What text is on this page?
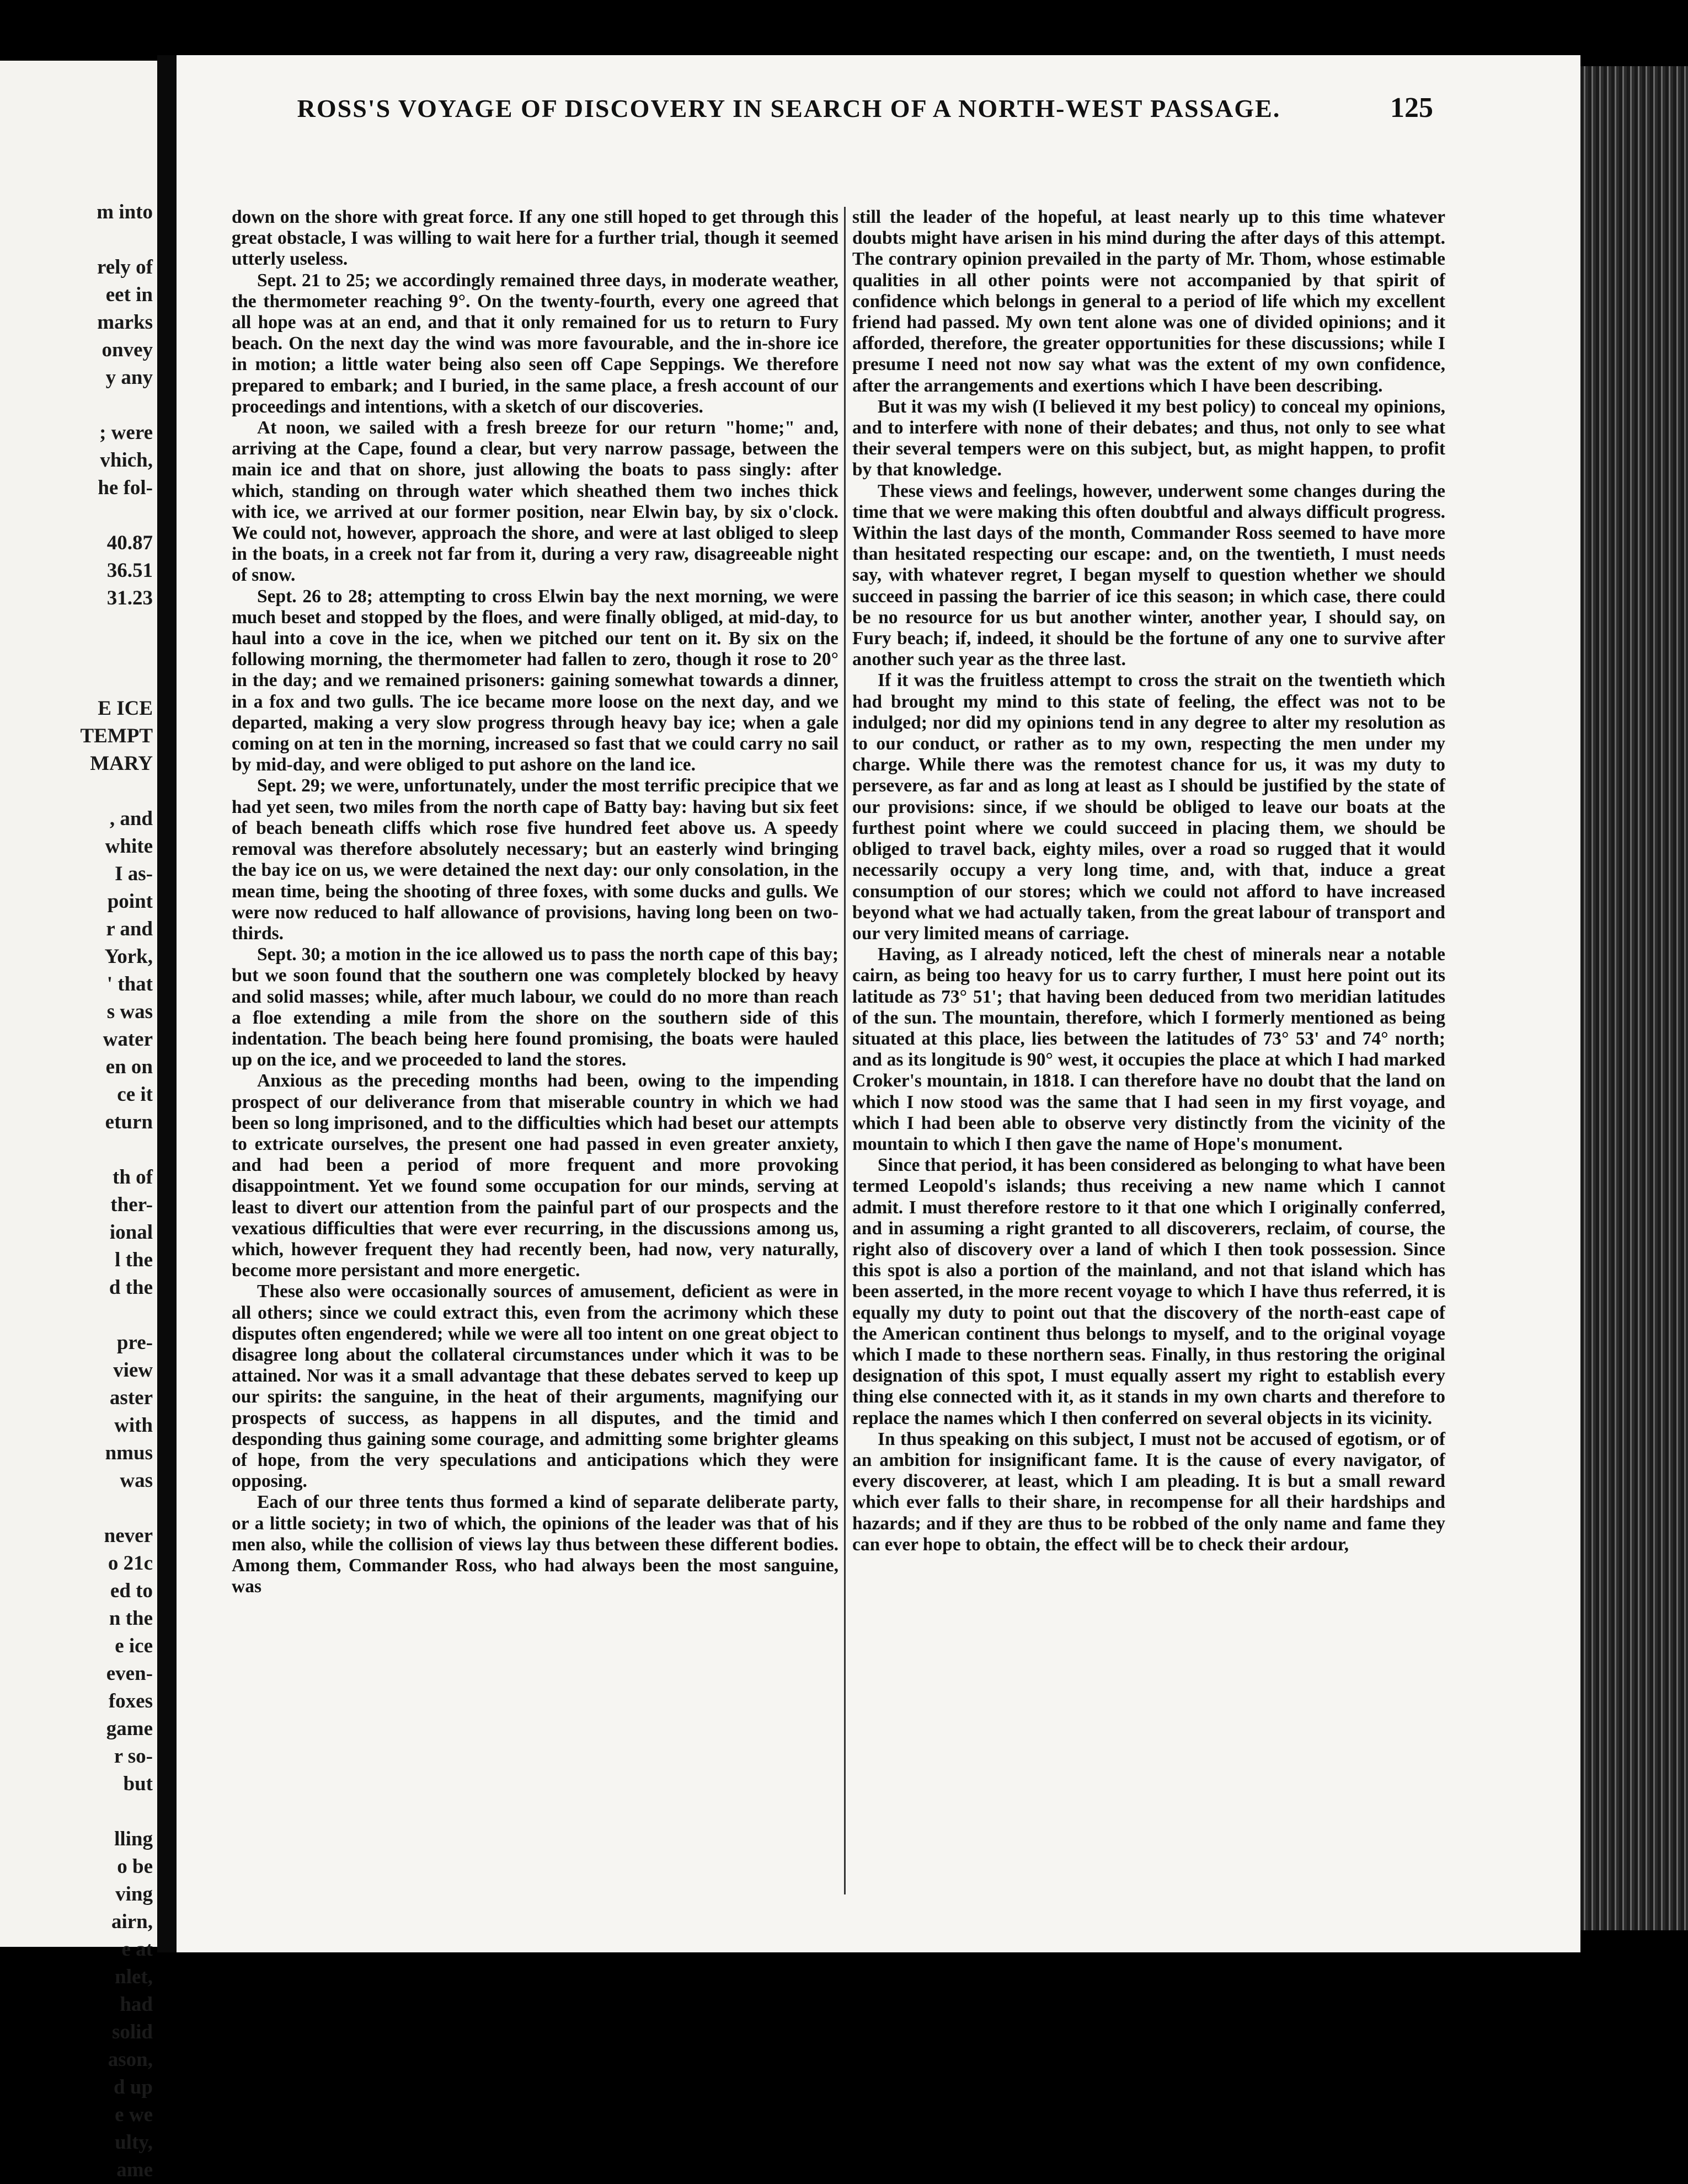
m into

rely of
eet in
marks
onvey
y any

; were
vhich,
he fol-

40.87
36.51
31.23

E ICE
TEMPT
MARY

, and
white
I as-
point
r and
York,
' that
s was
water
en on
ce it
eturn

th of
ther-
ional
l the
d the

pre-
view
aster
with
nmus
was

never
o 21c
ed to
n the
e ice
even-
foxes
game
r so-
but

lling
o be
ving
airn,
e at
nlet,
had
solid
ason,
d up
e we
ulty,
ame
ROSS'S VOYAGE OF DISCOVERY IN SEARCH OF A NORTH-WEST PASSAGE.	125

down on the shore with great force. If any one still hoped to get through this great obstacle, I was willing to wait here for a further trial, though it seemed utterly useless.

Sept. 21 to 25; we accordingly remained three days, in moderate weather, the thermometer reaching 9°. On the twenty-fourth, every one agreed that all hope was at an end, and that it only remained for us to return to Fury beach. On the next day the wind was more favourable, and the in-shore ice in motion; a little water being also seen off Cape Seppings. We therefore prepared to embark; and I buried, in the same place, a fresh account of our proceedings and intentions, with a sketch of our discoveries.

At noon, we sailed with a fresh breeze for our return "home;" and, arriving at the Cape, found a clear, but very narrow passage, between the main ice and that on shore, just allowing the boats to pass singly: after which, standing on through water which sheathed them two inches thick with ice, we arrived at our former position, near Elwin bay, by six o'clock. We could not, however, approach the shore, and were at last obliged to sleep in the boats, in a creek not far from it, during a very raw, disagreeable night of snow.

Sept. 26 to 28; attempting to cross Elwin bay the next morning, we were much beset and stopped by the floes, and were finally obliged, at mid-day, to haul into a cove in the ice, when we pitched our tent on it. By six on the following morning, the thermometer had fallen to zero, though it rose to 20° in the day; and we remained prisoners: gaining somewhat towards a dinner, in a fox and two gulls. The ice became more loose on the next day, and we departed, making a very slow progress through heavy bay ice; when a gale coming on at ten in the morning, increased so fast that we could carry no sail by mid-day, and were obliged to put ashore on the land ice.

Sept. 29; we were, unfortunately, under the most terrific precipice that we had yet seen, two miles from the north cape of Batty bay: having but six feet of beach beneath cliffs which rose five hundred feet above us. A speedy removal was therefore absolutely necessary; but an easterly wind bringing the bay ice on us, we were detained the next day: our only consolation, in the mean time, being the shooting of three foxes, with some ducks and gulls. We were now reduced to half allowance of provisions, having long been on two-thirds.

Sept. 30; a motion in the ice allowed us to pass the north cape of this bay; but we soon found that the southern one was completely blocked by heavy and solid masses; while, after much labour, we could do no more than reach a floe extending a mile from the shore on the southern side of this indentation. The beach being here found promising, the boats were hauled up on the ice, and we proceeded to land the stores.

Anxious as the preceding months had been, owing to the impending prospect of our deliverance from that miserable country in which we had been so long imprisoned, and to the difficulties which had beset our attempts to extricate ourselves, the present one had passed in even greater anxiety, and had been a period of more frequent and more provoking disappointment. Yet we found some occupation for our minds, serving at least to divert our attention from the painful part of our prospects and the vexatious difficulties that were ever recurring, in the discussions among us, which, however frequent they had recently been, had now, very naturally, become more persistant and more energetic.

These also were occasionally sources of amusement, deficient as were in all others; since we could extract this, even from the acrimony which these disputes often engendered; while we were all too intent on one great object to disagree long about the collateral circumstances under which it was to be attained. Nor was it a small advantage that these debates served to keep up our spirits: the sanguine, in the heat of their arguments, magnifying our prospects of success, as happens in all disputes, and the timid and desponding thus gaining some courage, and admitting some brighter gleams of hope, from the very speculations and anticipations which they were opposing.

Each of our three tents thus formed a kind of separate deliberate party, or a little society; in two of which, the opinions of the leader was that of his men also, while the collision of views lay thus between these different bodies. Among them, Commander Ross, who had always been the most sanguine, was

still the leader of the hopeful, at least nearly up to this time whatever doubts might have arisen in his mind during the after days of this attempt. The contrary opinion prevailed in the party of Mr. Thom, whose estimable qualities in all other points were not accompanied by that spirit of confidence which belongs in general to a period of life which my excellent friend had passed. My own tent alone was one of divided opinions; and it afforded, therefore, the greater opportunities for these discussions; while I presume I need not now say what was the extent of my own confidence, after the arrangements and exertions which I have been describing.

But it was my wish (I believed it my best policy) to conceal my opinions, and to interfere with none of their debates; and thus, not only to see what their several tempers were on this subject, but, as might happen, to profit by that knowledge.

These views and feelings, however, underwent some changes during the time that we were making this often doubtful and always difficult progress. Within the last days of the month, Commander Ross seemed to have more than hesitated respecting our escape: and, on the twentieth, I must needs say, with whatever regret, I began myself to question whether we should succeed in passing the barrier of ice this season; in which case, there could be no resource for us but another winter, another year, I should say, on Fury beach; if, indeed, it should be the fortune of any one to survive after another such year as the three last.

If it was the fruitless attempt to cross the strait on the twentieth which had brought my mind to this state of feeling, the effect was not to be indulged; nor did my opinions tend in any degree to alter my resolution as to our conduct, or rather as to my own, respecting the men under my charge. While there was the remotest chance for us, it was my duty to persevere, as far and as long at least as I should be justified by the state of our provisions: since, if we should be obliged to leave our boats at the furthest point where we could succeed in placing them, we should be obliged to travel back, eighty miles, over a road so rugged that it would necessarily occupy a very long time, and, with that, induce a great consumption of our stores; which we could not afford to have increased beyond what we had actually taken, from the great labour of transport and our very limited means of carriage.

Having, as I already noticed, left the chest of minerals near a notable cairn, as being too heavy for us to carry further, I must here point out its latitude as 73° 51'; that having been deduced from two meridian latitudes of the sun. The mountain, therefore, which I formerly mentioned as being situated at this place, lies between the latitudes of 73° 53' and 74° north; and as its longitude is 90° west, it occupies the place at which I had marked Croker's mountain, in 1818. I can therefore have no doubt that the land on which I now stood was the same that I had seen in my first voyage, and which I had been able to observe very distinctly from the vicinity of the mountain to which I then gave the name of Hope's monument.

Since that period, it has been considered as belonging to what have been termed Leopold's islands; thus receiving a new name which I cannot admit. I must therefore restore to it that one which I originally conferred, and in assuming a right granted to all discoverers, reclaim, of course, the right also of discovery over a land of which I then took possession. Since this spot is also a portion of the mainland, and not that island which has been asserted, in the more recent voyage to which I have thus referred, it is equally my duty to point out that the discovery of the north-east cape of the American continent thus belongs to myself, and to the original voyage which I made to these northern seas. Finally, in thus restoring the original designation of this spot, I must equally assert my right to establish every thing else connected with it, as it stands in my own charts and therefore to replace the names which I then conferred on several objects in its vicinity.

In thus speaking on this subject, I must not be accused of egotism, or of an ambition for insignificant fame. It is the cause of every navigator, of every discoverer, at least, which I am pleading. It is but a small reward which ever falls to their share, in recompense for all their hardships and hazards; and if they are thus to be robbed of the only name and fame they can ever hope to obtain, the effect will be to check their ardour,
